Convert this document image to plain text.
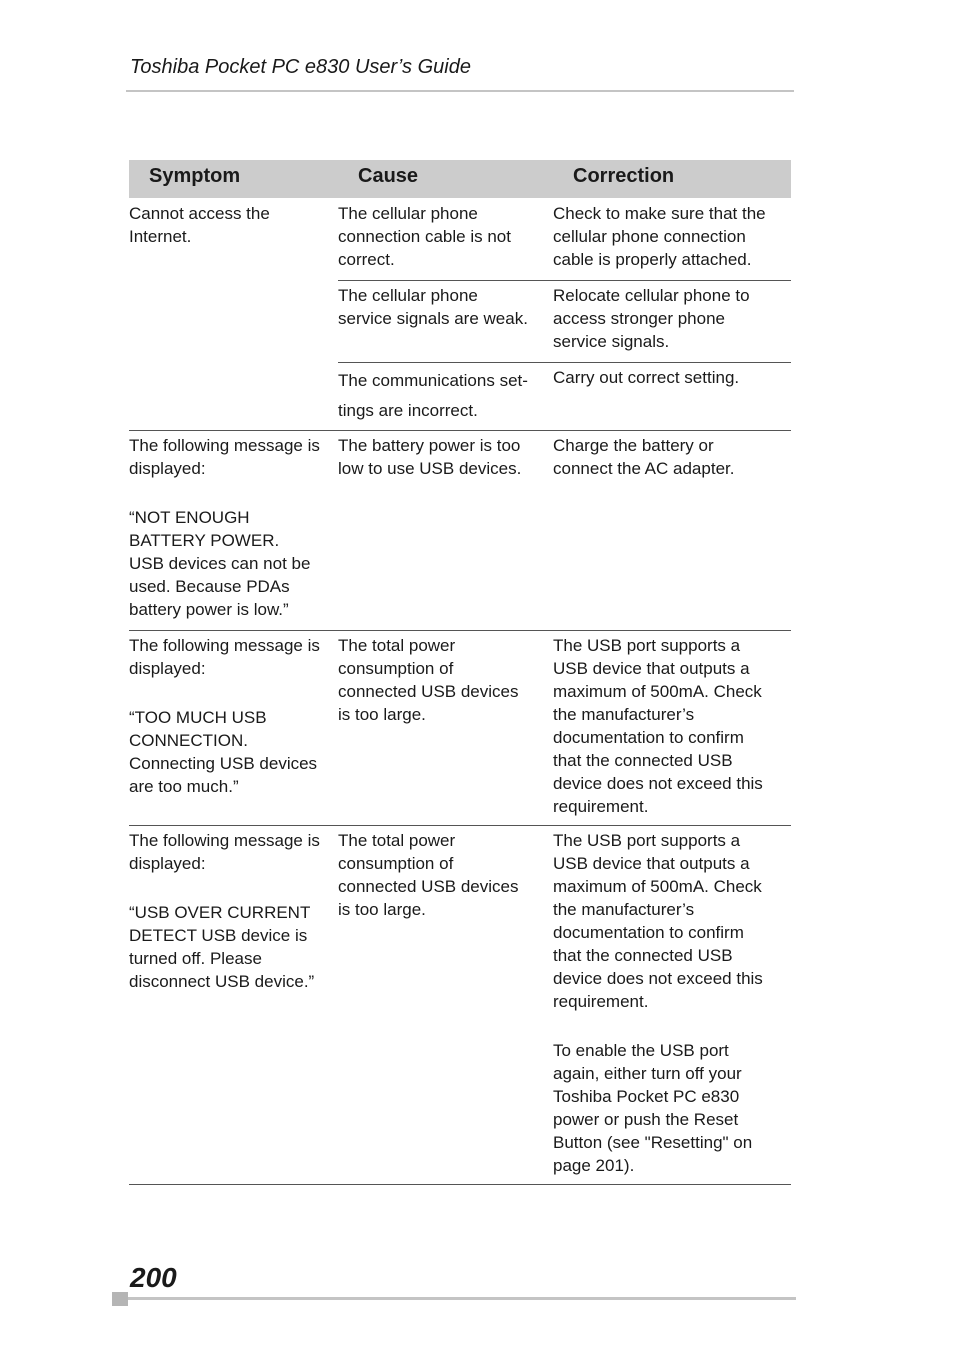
Toshiba Pocket PC e830 User’s Guide
Symptom	Cause	Correction

Cannot access the
Internet.

The cellular phone
connection cable is not
correct.

Check to make sure that the
cellular phone connection
cable is properly attached.

The cellular phone
service signals are weak.

Relocate cellular phone to
access stronger phone
service signals.

The communications set-
tings are incorrect.

Carry out correct setting.

The following message is
displayed:

“NOT ENOUGH
BATTERY POWER.
USB devices can not be
used. Because PDAs
battery power is low.”

The battery power is too
low to use USB devices.

Charge the battery or
connect the AC adapter.

The following message is
displayed:

“TOO MUCH USB
CONNECTION.
Connecting USB devices
are too much.”

The total power
consumption of
connected USB devices
is too large.

The USB port supports a
USB device that outputs a
maximum of 500mA. Check
the manufacturer’s
documentation to confirm
that the connected USB
device does not exceed this
requirement.

The following message is
displayed:

“USB OVER CURRENT
DETECT USB device is
turned off. Please
disconnect USB device.”

The total power
consumption of
connected USB devices
is too large.

The USB port supports a
USB device that outputs a
maximum of 500mA. Check
the manufacturer’s
documentation to confirm
that the connected USB
device does not exceed this
requirement.

To enable the USB port
again, either turn off your
Toshiba Pocket PC e830
power or push the Reset
Button (see "Resetting" on
page 201).

200
